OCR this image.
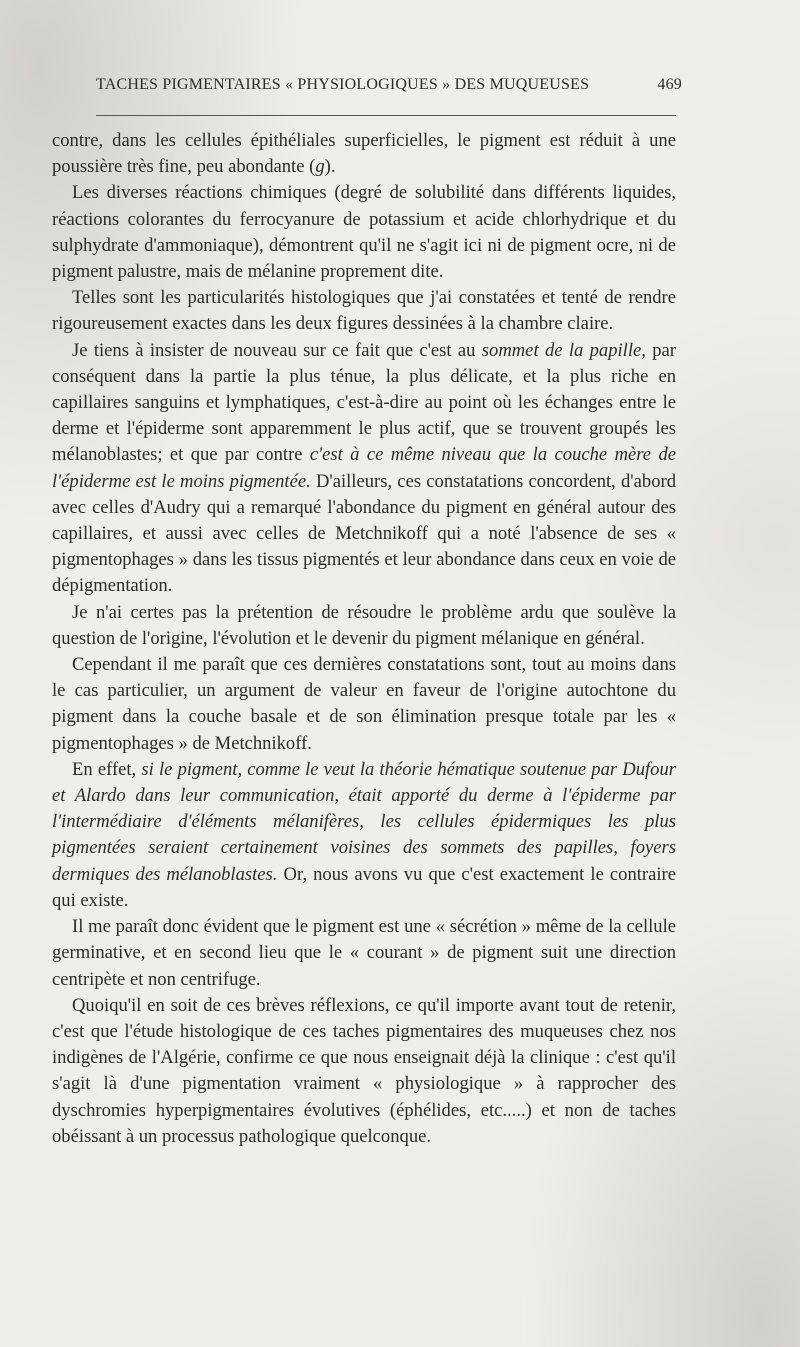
TACHES PIGMENTAIRES « PHYSIOLOGIQUES » DES MUQUEUSES	469

contre, dans les cellules épithéliales superficielles, le pigment est réduit à une poussière très fine, peu abondante (g).

Les diverses réactions chimiques (degré de solubilité dans différents liquides, réactions colorantes du ferrocyanure de potassium et acide chlorhydrique et du sulphydrate d'ammoniaque), démontrent qu'il ne s'agit ici ni de pigment ocre, ni de pigment palustre, mais de mélanine proprement dite.

Telles sont les particularités histologiques que j'ai constatées et tenté de rendre rigoureusement exactes dans les deux figures dessinées à la chambre claire.

Je tiens à insister de nouveau sur ce fait que c'est au sommet de la papille, par conséquent dans la partie la plus ténue, la plus délicate, et la plus riche en capillaires sanguins et lymphatiques, c'est-à-dire au point où les échanges entre le derme et l'épiderme sont apparemment le plus actif, que se trouvent groupés les mélanoblastes; et que par contre c'est à ce même niveau que la couche mère de l'épiderme est le moins pigmentée. D'ailleurs, ces constatations concordent, d'abord avec celles d'Audry qui a remarqué l'abondance du pigment en général autour des capillaires, et aussi avec celles de Metchnikoff qui a noté l'absence de ses « pigmentophages » dans les tissus pigmentés et leur abondance dans ceux en voie de dépigmentation.

Je n'ai certes pas la prétention de résoudre le problème ardu que soulève la question de l'origine, l'évolution et le devenir du pigment mélanique en général.

Cependant il me paraît que ces dernières constatations sont, tout au moins dans le cas particulier, un argument de valeur en faveur de l'origine autochtone du pigment dans la couche basale et de son élimination presque totale par les « pigmentophages » de Metchnikoff.

En effet, si le pigment, comme le veut la théorie hématique soutenue par Dufour et Alardo dans leur communication, était apporté du derme à l'épiderme par l'intermédiaire d'éléments mélanifères, les cellules épidermiques les plus pigmentées seraient certainement voisines des sommets des papilles, foyers dermiques des mélanoblastes. Or, nous avons vu que c'est exactement le contraire qui existe.

Il me paraît donc évident que le pigment est une « sécrétion » même de la cellule germinative, et en second lieu que le « courant » de pigment suit une direction centripète et non centrifuge.

Quoiqu'il en soit de ces brèves réflexions, ce qu'il importe avant tout de retenir, c'est que l'étude histologique de ces taches pigmentaires des muqueuses chez nos indigènes de l'Algérie, confirme ce que nous enseignait déjà la clinique : c'est qu'il s'agit là d'une pigmentation vraiment « physiologique » à rapprocher des dyschromies hyperpigmentaires évolutives (éphélides, etc.....) et non de taches obéissant à un processus pathologique quelconque.
